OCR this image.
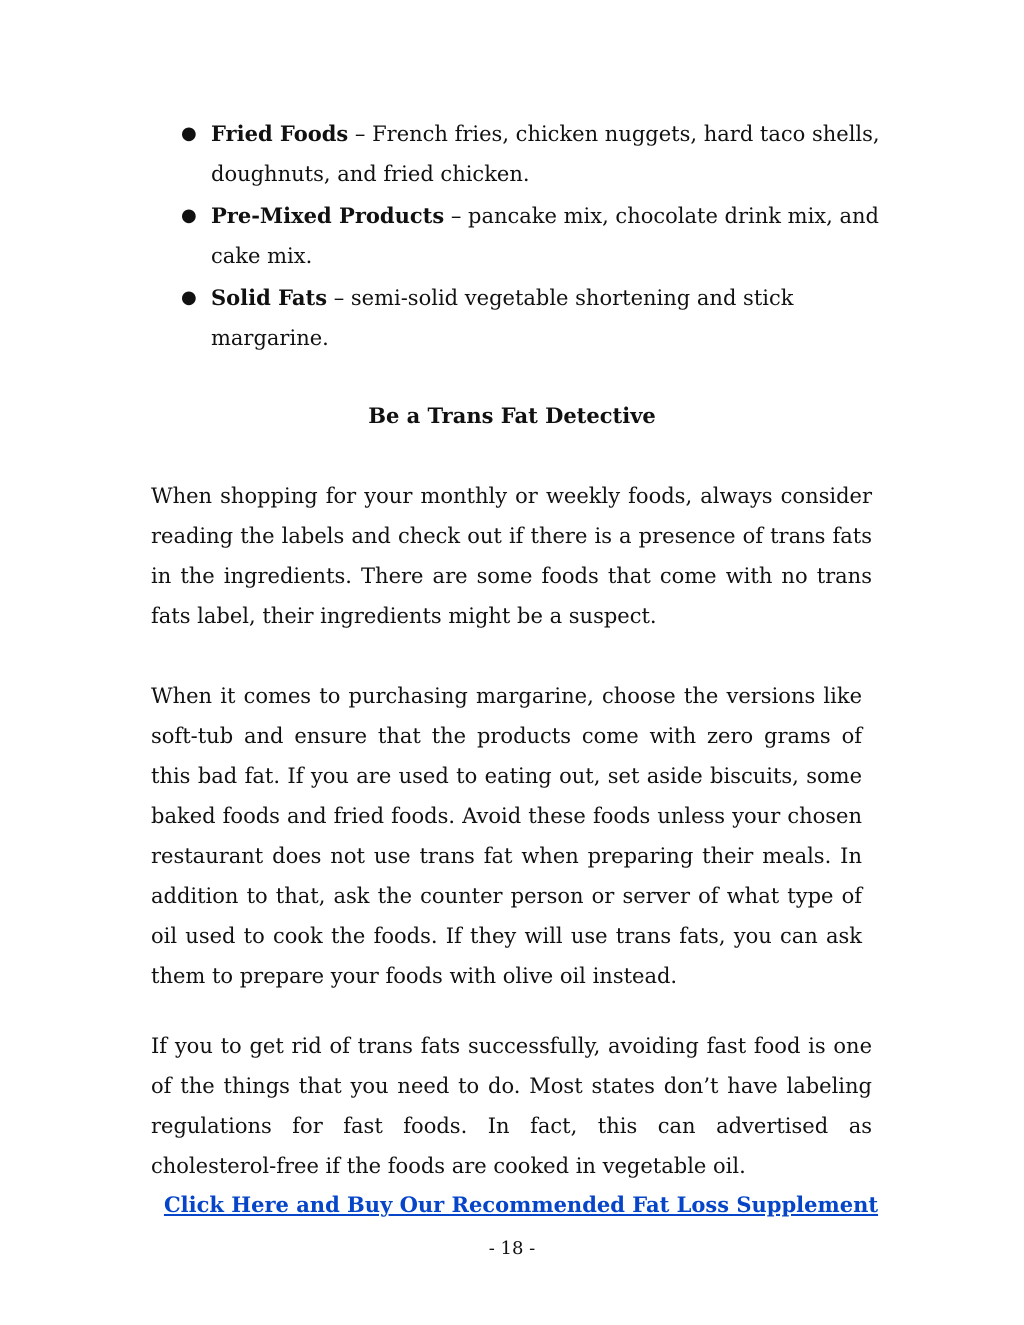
● Fried Foods – French fries, chicken nuggets, hard taco shells, doughnuts, and fried chicken.
● Pre-Mixed Products – pancake mix, chocolate drink mix, and cake mix.
● Solid Fats – semi-solid vegetable shortening and stick margarine.
Be a Trans Fat Detective

When shopping for your monthly or weekly foods, always consider reading the labels and check out if there is a presence of trans fats in the ingredients. There are some foods that come with no trans fats label, their ingredients might be a suspect.

When it comes to purchasing margarine, choose the versions like soft-tub and ensure that the products come with zero grams of this bad fat. If you are used to eating out, set aside biscuits, some baked foods and fried foods. Avoid these foods unless your chosen restaurant does not use trans fat when preparing their meals. In addition to that, ask the counter person or server of what type of oil used to cook the foods. If they will use trans fats, you can ask them to prepare your foods with olive oil instead.

If you to get rid of trans fats successfully, avoiding fast food is one of the things that you need to do. Most states don’t have labeling regulations for fast foods. In fact, this can advertised as cholesterol-free if the foods are cooked in vegetable oil.

Click Here and Buy Our Recommended Fat Loss Supplement
- 18 -
